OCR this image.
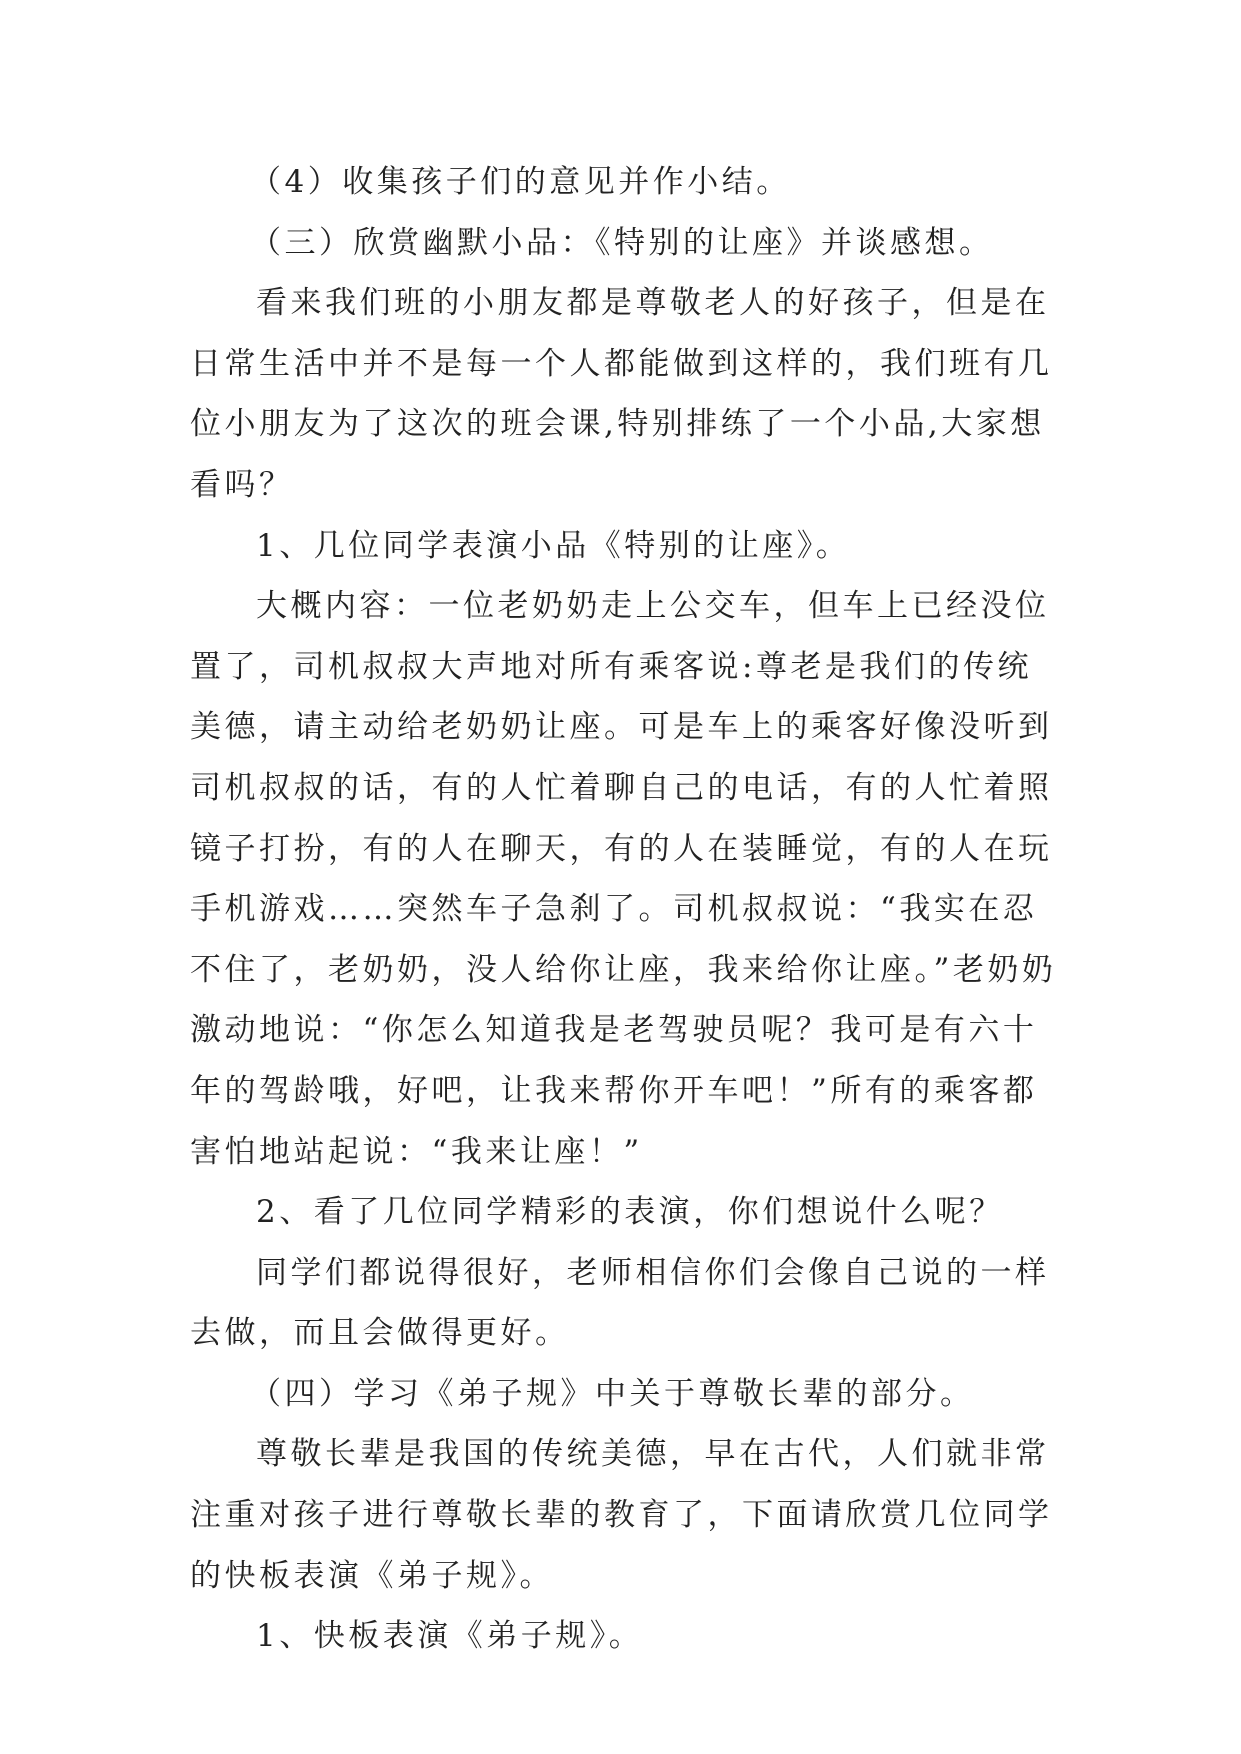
（4）收集孩子们的意见并作小结。

（三）欣赏幽默小品：《特别的让座》并谈感想。

看来我们班的小朋友都是尊敬老人的好孩子，但是在日常生活中并不是每一个人都能做到这样的，我们班有几位小朋友为了这次的班会课,特别排练了一个小品,大家想看吗？

1、几位同学表演小品《特别的让座》。

大概内容：一位老奶奶走上公交车，但车上已经没位置了，司机叔叔大声地对所有乘客说:尊老是我们的传统美德，请主动给老奶奶让座。可是车上的乘客好像没听到司机叔叔的话，有的人忙着聊自己的电话，有的人忙着照镜子打扮，有的人在聊天，有的人在装睡觉，有的人在玩手机游戏……突然车子急刹了。司机叔叔说：“我实在忍不住了，老奶奶，没人给你让座，我来给你让座。”老奶奶激动地说：“你怎么知道我是老驾驶员呢？我可是有六十年的驾龄哦，好吧，让我来帮你开车吧！”所有的乘客都害怕地站起说：“我来让座！”

2、看了几位同学精彩的表演，你们想说什么呢？

同学们都说得很好，老师相信你们会像自己说的一样去做，而且会做得更好。

（四）学习《弟子规》中关于尊敬长辈的部分。

尊敬长辈是我国的传统美德，早在古代，人们就非常注重对孩子进行尊敬长辈的教育了，下面请欣赏几位同学的快板表演《弟子规》。

1、快板表演《弟子规》。
